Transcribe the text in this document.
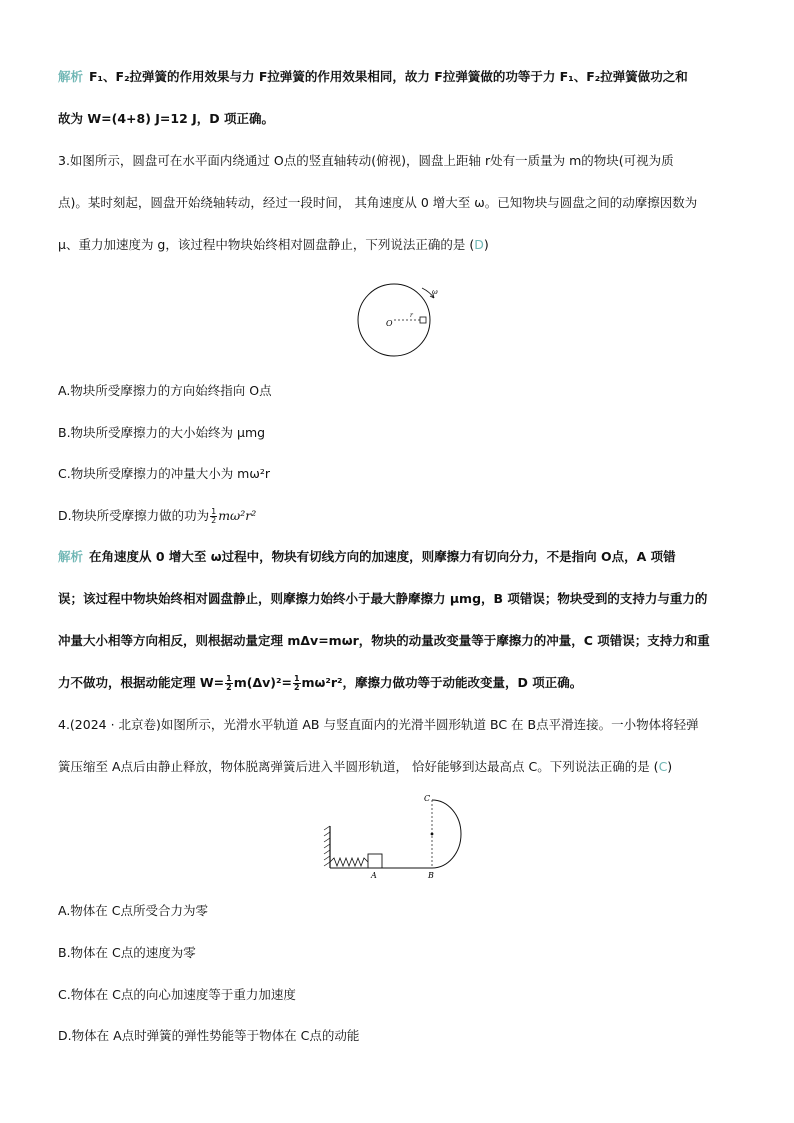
解析 F₁、F₂拉弹簧的作用效果与力 F拉弹簧的作用效果相同，故力 F拉弹簧做的功等于力 F₁、F₂拉弹簧做功之和
故为 W=(4+8) J=12 J，D 项正确。
3.如图所示，圆盘可在水平面内绕通过 O点的竖直轴转动(俯视)，圆盘上距轴 r处有一质量为 m的物块(可视为质
点)。某时刻起，圆盘开始绕轴转动，经过一段时间， 其角速度从 0 增大至 ω。已知物块与圆盘之间的动摩擦因数为
μ、重力加速度为 g，该过程中物块始终相对圆盘静止，下列说法正确的是 (D)
O
r
ω
A.物块所受摩擦力的方向始终指向 O点
B.物块所受摩擦力的大小始终为 μmg
C.物块所受摩擦力的冲量大小为 mω²r
D.物块所受摩擦力做的功为 $\frac{1}{2} m\omega^2r^2$
解析 在角速度从 0 增大至 ω过程中，物块有切线方向的加速度，则摩擦力有切向分力，不是指向 O点，A 项错
误；该过程中物块始终相对圆盘静止，则摩擦力始终小于最大静摩擦力 μmg，B 项错误；物块受到的支持力与重力的
冲量大小相等方向相反，则根据动量定理 mΔv=mωr，物块的动量改变量等于摩擦力的冲量，C 项错误；支持力和重
力不做功，根据动能定理 $W= \frac{1}{2} m(\Delta v)^2= \frac{1}{2} m\omega^2r^2$，摩擦力做功等于动能改变量，D 项正确。
4.(2024 · 北京卷)如图所示，光滑水平轨道 AB 与竖直面内的光滑半圆形轨道 BC 在 B点平滑连接。一小物体将轻弹
簧压缩至 A点后由静止释放，物体脱离弹簧后进入半圆形轨道， 恰好能够到达最高点 C。下列说法正确的是 (C)
A	B
C
A.物体在 C点所受合力为零
B.物体在 C点的速度为零
C.物体在 C点的向心加速度等于重力加速度
D.物体在 A点时弹簧的弹性势能等于物体在 C点的动能
